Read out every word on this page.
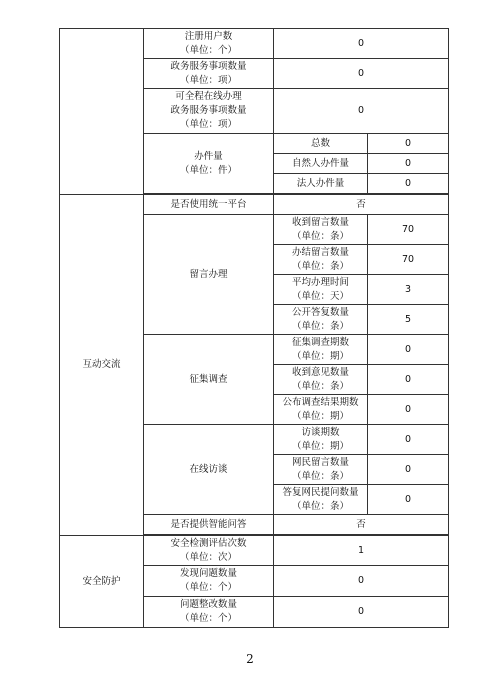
	注册用户数
（单位：个）	0	

	政务服务事项数量
（单位：项）	0	

	可全程在线办理
政务服务事项数量
（单位：项）	0	

	办件量
（单位：件）	总数	0
		自然人办件量	0
		法人办件量	0

互动交流	是否使用统一平台	否	
	留言办理	收到留言数量
（单位：条）	70

		办结留言数量
（单位：条）	70

		平均办理时间
（单位：天）	3

		公开答复数量
（单位：条）	5
	征集调查	征集调查期数
（单位：期）	0

		收到意见数量
（单位：条）	0

		公布调查结果期数
（单位：期）	0
	在线访谈	访谈期数
（单位：期）	0

		网民留言数量
（单位：条）	0

		答复网民提问数量
（单位：条）	0
	是否提供智能问答	否	

安全防护	安全检测评估次数
（单位：次）	1	

	发现问题数量
（单位：个）	0	

	问题整改数量
（单位：个）	0	
2
